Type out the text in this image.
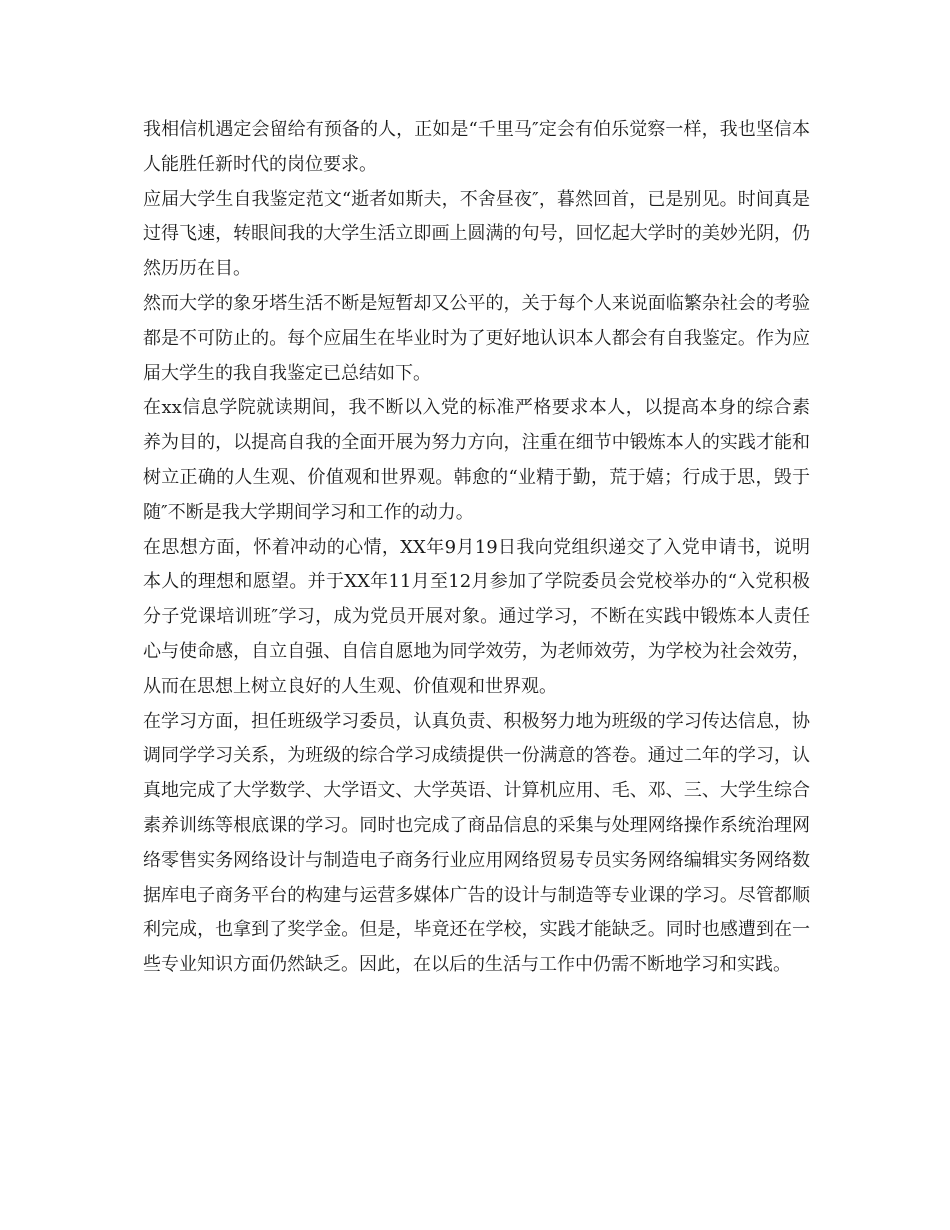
我相信机遇定会留给有预备的人，正如是“千里马″定会有伯乐觉察一样，我也坚信本人能胜任新时代的岗位要求。

应届大学生自我鉴定范文“逝者如斯夫，不舍昼夜″，暮然回首，已是别见。时间真是过得飞速，转眼间我的大学生活立即画上圆满的句号，回忆起大学时的美妙光阴，仍然历历在目。

然而大学的象牙塔生活不断是短暂却又公平的，关于每个人来说面临繁杂社会的考验都是不可防止的。每个应届生在毕业时为了更好地认识本人都会有自我鉴定。作为应届大学生的我自我鉴定已总结如下。

在xx信息学院就读期间，我不断以入党的标准严格要求本人，以提高本身的综合素养为目的，以提高自我的全面开展为努力方向，注重在细节中锻炼本人的实践才能和树立正确的人生观、价值观和世界观。韩愈的“业精于勤，荒于嬉；行成于思，毁于随″不断是我大学期间学习和工作的动力。

在思想方面，怀着冲动的心情，XX年9月19日我向党组织递交了入党申请书，说明本人的理想和愿望。并于XX年11月至12月参加了学院委员会党校举办的“入党积极分子党课培训班″学习，成为党员开展对象。通过学习，不断在实践中锻炼本人责任心与使命感，自立自强、自信自愿地为同学效劳，为老师效劳，为学校为社会效劳，从而在思想上树立良好的人生观、价值观和世界观。

在学习方面，担任班级学习委员，认真负责、积极努力地为班级的学习传达信息，协调同学学习关系，为班级的综合学习成绩提供一份满意的答卷。通过二年的学习，认真地完成了大学数学、大学语文、大学英语、计算机应用、毛、邓、三、大学生综合素养训练等根底课的学习。同时也完成了商品信息的采集与处理网络操作系统治理网络零售实务网络设计与制造电子商务行业应用网络贸易专员实务网络编辑实务网络数据库电子商务平台的构建与运营多媒体广告的设计与制造等专业课的学习。尽管都顺利完成，也拿到了奖学金。但是，毕竟还在学校，实践才能缺乏。同时也感遭到在一些专业知识方面仍然缺乏。因此，在以后的生活与工作中仍需不断地学习和实践。
